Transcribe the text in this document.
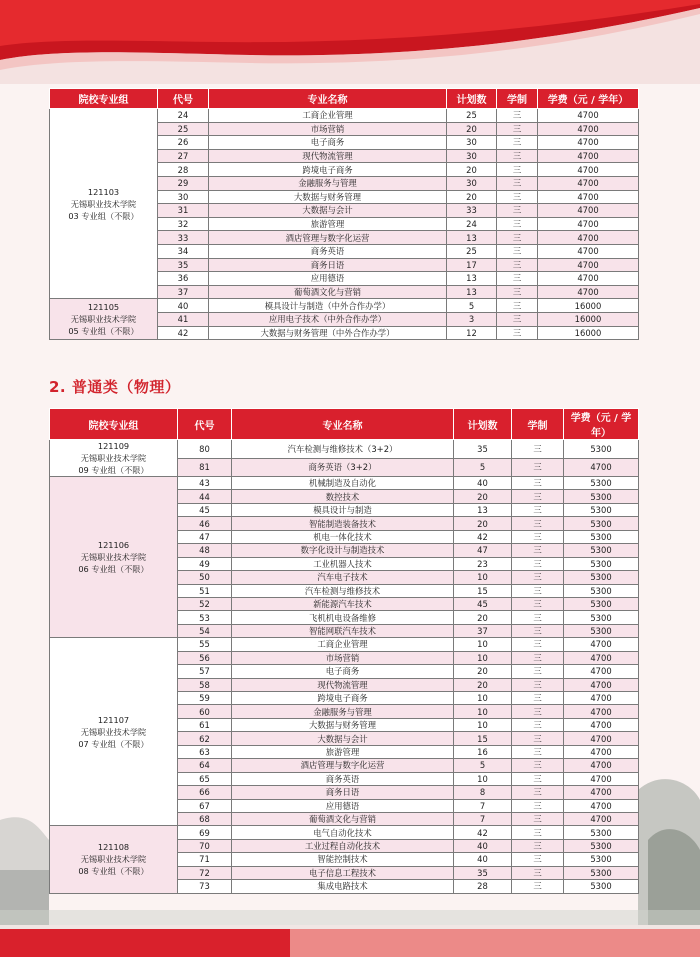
院校专业组	代号	专业名称	计划数	学制	学费（元 / 学年）

121103
无锡职业技术学院
03 专业组（不限）	24	工商企业管理	25	三	4700
	25	市场营销	20	三	4700
	26	电子商务	30	三	4700
	27	现代物流管理	30	三	4700
	28	跨境电子商务	20	三	4700
	29	金融服务与管理	30	三	4700
	30	大数据与财务管理	20	三	4700
	31	大数据与会计	33	三	4700
	32	旅游管理	24	三	4700
	33	酒店管理与数字化运营	13	三	4700
	34	商务英语	25	三	4700
	35	商务日语	17	三	4700
	36	应用德语	13	三	4700
	37	葡萄酒文化与营销	13	三	4700

121105
无锡职业技术学院
05 专业组（不限）	40	模具设计与制造（中外合作办学）	5	三	16000
	41	应用电子技术（中外合作办学）	3	三	16000
	42	大数据与财务管理（中外合作办学）	12	三	16000
2. 普通类（物理）
院校专业组	代号	专业名称	计划数	学制	学费（元 / 学年）

121109
无锡职业技术学院
09 专业组（不限）	80	汽车检测与维修技术（3+2）	35	三	5300
	81	商务英语（3+2）	5	三	4700

121106
无锡职业技术学院
06 专业组（不限）	43	机械制造及自动化	40	三	5300
	44	数控技术	20	三	5300
	45	模具设计与制造	13	三	5300
	46	智能制造装备技术	20	三	5300
	47	机电一体化技术	42	三	5300
	48	数字化设计与制造技术	47	三	5300
	49	工业机器人技术	23	三	5300
	50	汽车电子技术	10	三	5300
	51	汽车检测与维修技术	15	三	5300
	52	新能源汽车技术	45	三	5300
	53	飞机机电设备维修	20	三	5300
	54	智能网联汽车技术	37	三	5300

121107
无锡职业技术学院
07 专业组（不限）	55	工商企业管理	10	三	4700
	56	市场营销	10	三	4700
	57	电子商务	20	三	4700
	58	现代物流管理	20	三	4700
	59	跨境电子商务	10	三	4700
	60	金融服务与管理	10	三	4700
	61	大数据与财务管理	10	三	4700
	62	大数据与会计	15	三	4700
	63	旅游管理	16	三	4700
	64	酒店管理与数字化运营	5	三	4700
	65	商务英语	10	三	4700
	66	商务日语	8	三	4700
	67	应用德语	7	三	4700
	68	葡萄酒文化与营销	7	三	4700

121108
无锡职业技术学院
08 专业组（不限）	69	电气自动化技术	42	三	5300
	70	工业过程自动化技术	40	三	5300
	71	智能控制技术	40	三	5300
	72	电子信息工程技术	35	三	5300
	73	集成电路技术	28	三	5300
